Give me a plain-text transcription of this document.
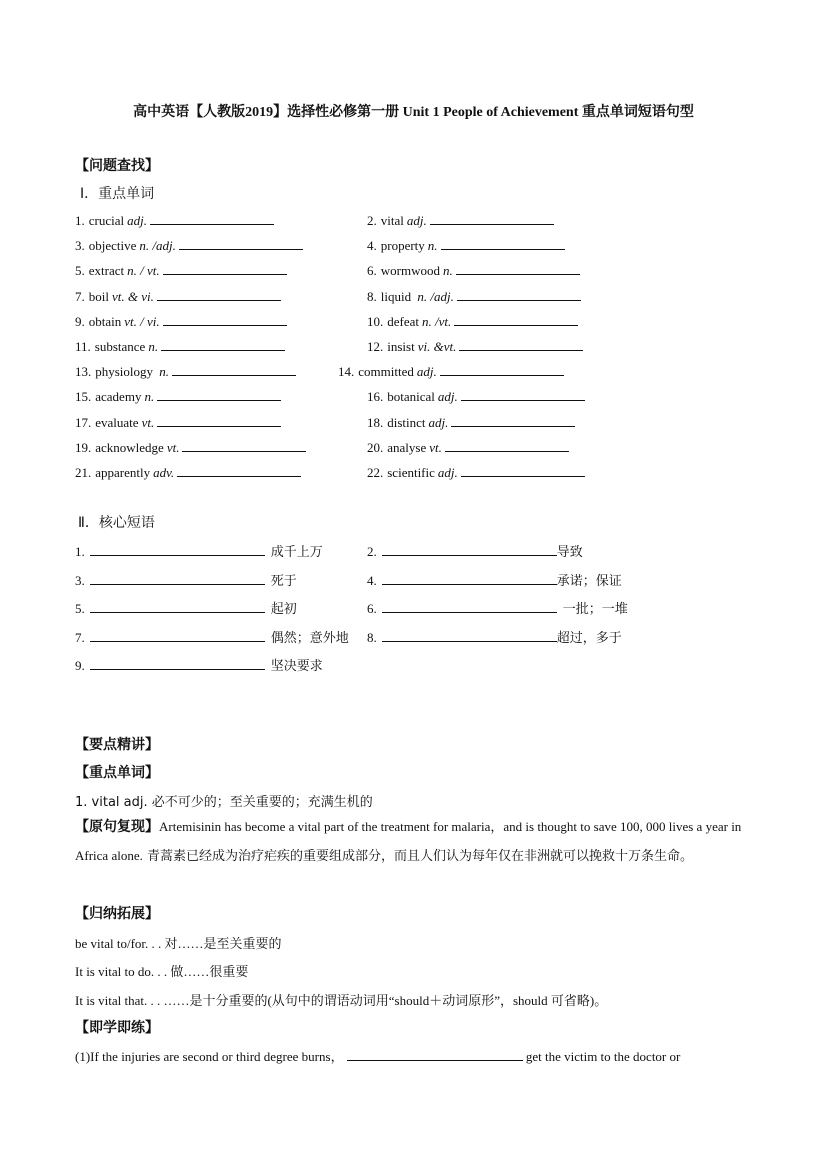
高中英语【人教版2019】选择性必修第一册 Unit 1 People of Achievement 重点单词短语句型
【问题查找】
Ⅰ．重点单词
1. crucial adj.	2. vital adj.
3. objective n. /adj.	4. property n.
5. extract n. / vt.	6. wormwood n.
7. boil vt. & vi.	8. liquid n. /adj.
9. obtain vt. / vi.	10. defeat n. /vt.
11. substance n.	12. insist vi. &vt.
13. physiology n.	14. committed adj.
15. academy n.	16. botanical adj.
17. evaluate vt.	18. distinct adj.
19. acknowledge vt.	20. analyse vt.
21. apparently adv.	22. scientific adj.
Ⅱ．核心短语
1.	成千上万	2.	导致
3.	死于	4.	承诺；保证
5.	起初	6.	一批；一堆
7.	偶然；意外地 8.	超过，多于
9.	坚决要求
【要点精讲】
【重点单词】
1. vital adj. 必不可少的；至关重要的；充满生机的
【原句复现】Artemisinin has become a vital part of the treatment for malaria，and is thought to save 100, 000 lives a year in Africa alone. 青蒿素已经成为治疗疟疾的重要组成部分，而且人们认为每年仅在非洲就可以挽救十万条生命。
【归纳拓展】
be vital to/for. . . 对……是至关重要的
It is vital to do. . . 做……很重要
It is vital that. . . ……是十分重要的(从句中的谓语动词用“should＋动词原形”，should 可省略)。
【即学即练】
(1)If the injuries are second or third degree burns，	get the victim to the doctor or
